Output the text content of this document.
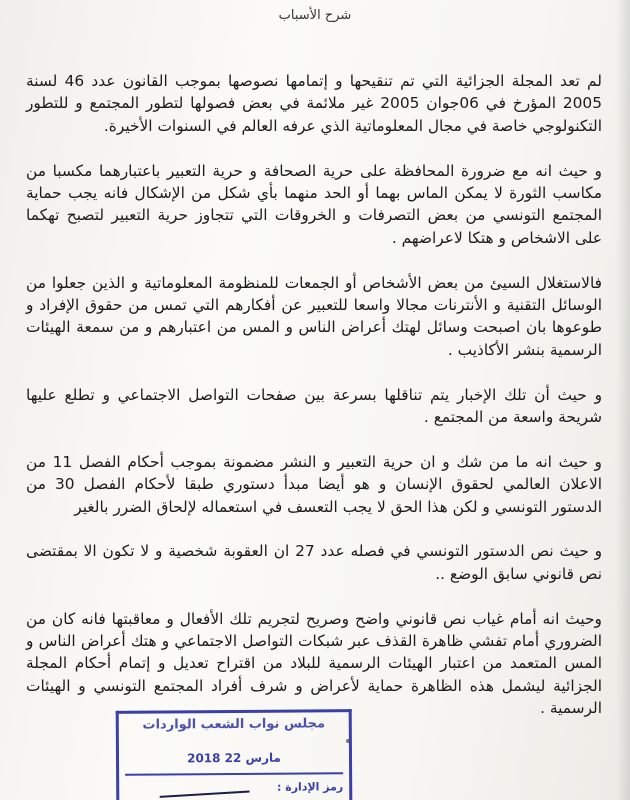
شرح الأسباب

لم تعد المجلة الجزائية التي تم تنقيحها و إتمامها نصوصها بموجب القانون عدد 46 لسنة 2005 المؤرخ في 06جوان 2005 غير ملائمة في بعض فصولها لتطور المجتمع و للتطور التكنولوجي خاصة في مجال المعلوماتية الذي عرفه العالم في السنوات الأخيرة.

و حيث انه مع ضرورة المحافظة على حرية الصحافة و حرية التعبير باعتبارهما مكسبا من مكاسب الثورة لا يمكن الماس بهما أو الحد منهما بأي شكل من الإشكال فانه يجب حماية المجتمع التونسي من بعض التصرفات و الخروقات التي تتجاوز حرية التعبير لتصبح تهكما على الاشخاص و هتكا لاعراضهم .

فالاستغلال السيئ من بعض الأشخاص أو الجمعات للمنظومة المعلوماتية و الذين جعلوا من الوسائل التقنية و الأنترنات مجالا واسعا للتعبير عن أفكارهم التي تمس من حقوق الإفراد و طوعوها بان اصبحت وسائل لهتك أعراض الناس و المس من اعتبارهم و من سمعة الهيئات الرسمية بنشر الأكاذيب .

و حيث أن تلك الإخبار يتم تناقلها بسرعة بين صفحات التواصل الاجتماعي و تطلع عليها شريحة واسعة من المجتمع .

و حيث انه ما من شك و ان حرية التعبير و النشر مضمونة بموجب أحكام الفصل 11 من الاعلان العالمي لحقوق الإنسان و هو أيضا مبدأ دستوري طبقا لأحكام الفصل 30 من الدستور التونسي و لكن هذا الحق لا يجب التعسف في استعماله لإلحاق الضرر بالغير

و حيث نص الدستور التونسي في فصله عدد 27 ان العقوبة شخصية و لا تكون الا بمقتضى نص قانوني سابق الوضع ..

وحيث انه أمام غياب نص قانوني واضح وصريح لتجريم تلك الأفعال و معاقبتها فانه كان من الضروري أمام تفشي ظاهرة القذف عبر شبكات التواصل الاجتماعي و هتك أعراض الناس و المس المتعمد من اعتبار الهيئات الرسمية للبلاد من اقتراح تعديل و إتمام أحكام المجلة الجزائية ليشمل هذه الظاهرة حماية لأعراض و شرف أفراد المجتمع التونسي و الهيئات الرسمية .

مجلس نواب الشعب الواردات
2018 مارس 22
رمز الإدارة :
